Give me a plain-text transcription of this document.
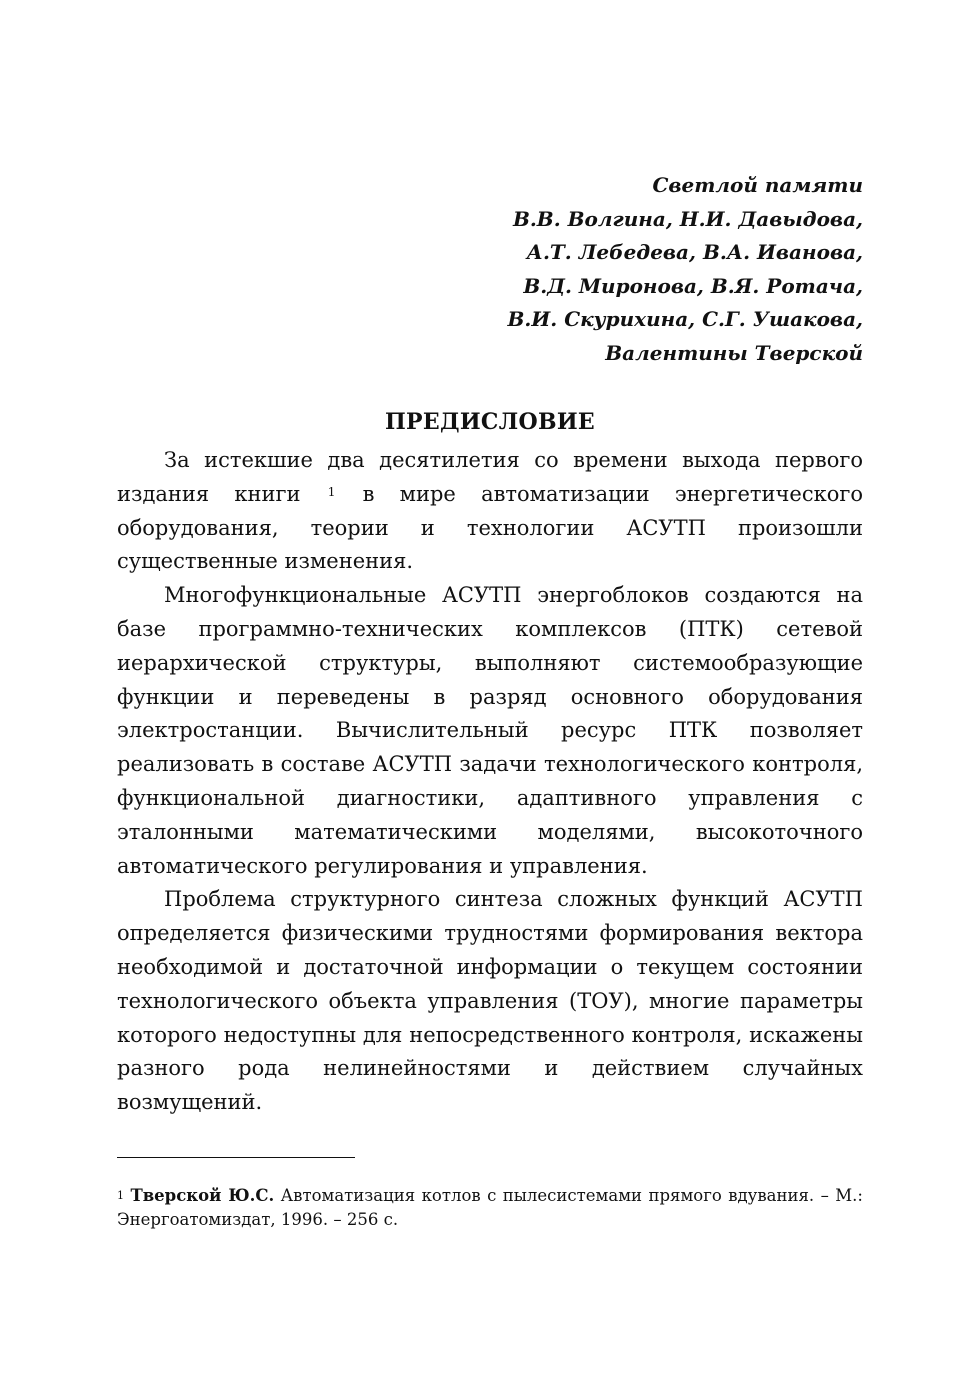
Светлой памяти
В.В. Волгина, Н.И. Давыдова,
А.Т. Лебедева, В.А. Иванова,
В.Д. Миронова, В.Я. Ротача,
В.И. Скурихина, С.Г. Ушакова,
Валентины Тверской
ПРЕДИСЛОВИЕ

За истекшие два десятилетия со времени выхода первого издания книги $^1$ в мире автоматизации энергетического оборудования, теории и технологии АСУТП произошли существенные изменения.

Многофункциональные АСУТП энергоблоков создаются на базе программно-технических комплексов (ПТК) сетевой иерархической структуры, выполняют системообразующие функции и переведены в разряд основного оборудования электростанции. Вычислительный ресурс ПТК позволяет реализовать в составе АСУТП задачи технологического контроля, функциональной диагностики, адаптивного управления с эталонными математическими моделями, высокоточного автоматического регулирования и управления.

Проблема структурного синтеза сложных функций АСУТП определяется физическими трудностями формирования вектора необходимой и достаточной информации о текущем состоянии технологического объекта управления (ТОУ), многие параметры которого недоступны для непосредственного контроля, искажены разного рода нелинейностями и действием случайных возмущений.

$^1$ Тверской Ю.С. Автоматизация котлов с пылесистемами прямого вдувания. – М.: Энергоатомиздат, 1996. – 256 с.
